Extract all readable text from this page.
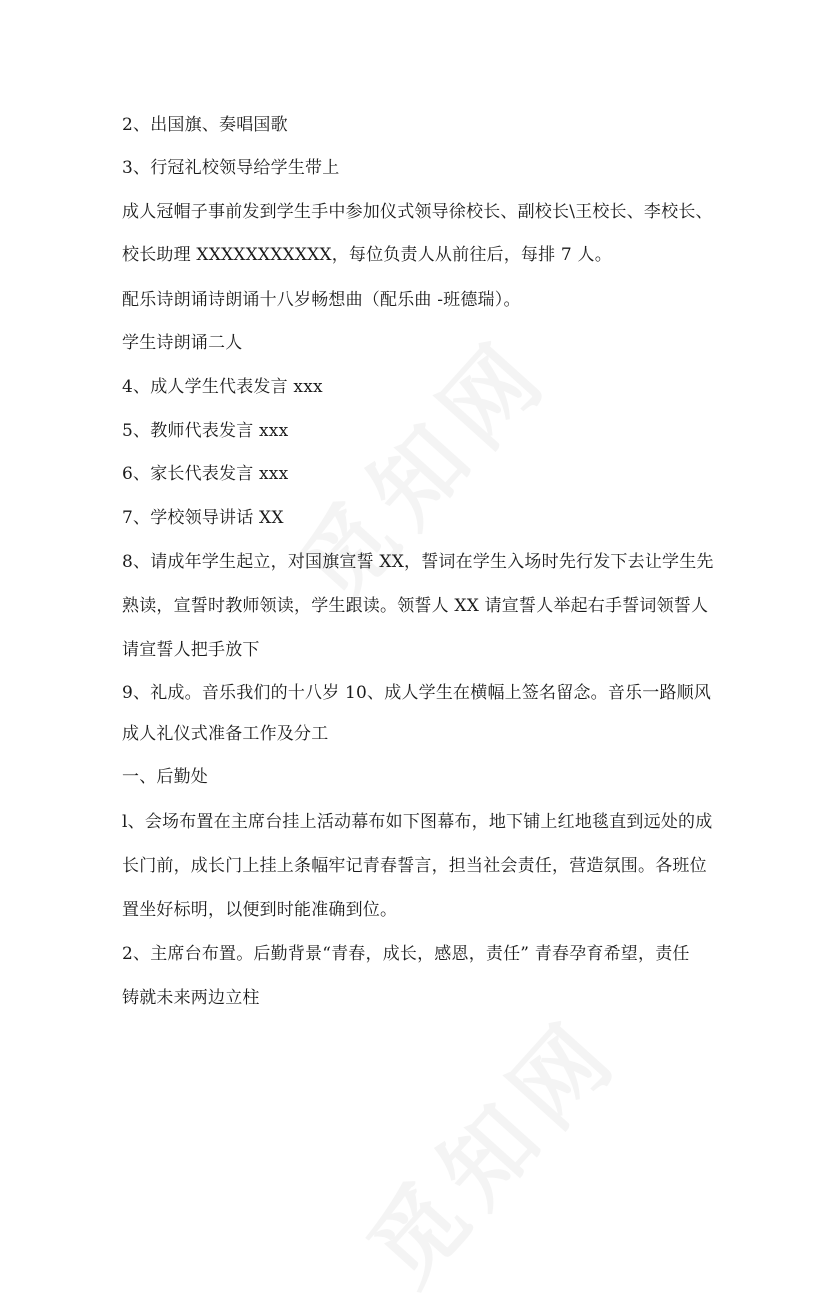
2、出国旗、奏唱国歌
3、行冠礼校领导给学生带上
成人冠帽子事前发到学生手中参加仪式领导徐校长、副校长\王校长、李校长、
校长助理 XXXXXXXXXXX，每位负责人从前往后，每排 7 人。
配乐诗朗诵诗朗诵十八岁畅想曲（配乐曲 -班德瑞）。
学生诗朗诵二人
4、成人学生代表发言 xxx
5、教师代表发言 xxx
6、家长代表发言 xxx
7、学校领导讲话 XX
8、请成年学生起立，对国旗宣誓 XX，誓词在学生入场时先行发下去让学生先
熟读，宣誓时教师领读，学生跟读。领誓人 XX 请宣誓人举起右手誓词领誓人
请宣誓人把手放下
9、礼成。音乐我们的十八岁 10、成人学生在横幅上签名留念。音乐一路顺风
成人礼仪式准备工作及分工
一、后勤处
l、会场布置在主席台挂上活动幕布如下图幕布，地下铺上红地毯直到远处的成
长门前，成长门上挂上条幅牢记青春誓言，担当社会责任，营造氛围。各班位
置坐好标明，以便到时能准确到位。
2、主席台布置。后勤背景“青春，成长，感恩，责任” 青春孕育希望，责任
铸就未来两边立柱
